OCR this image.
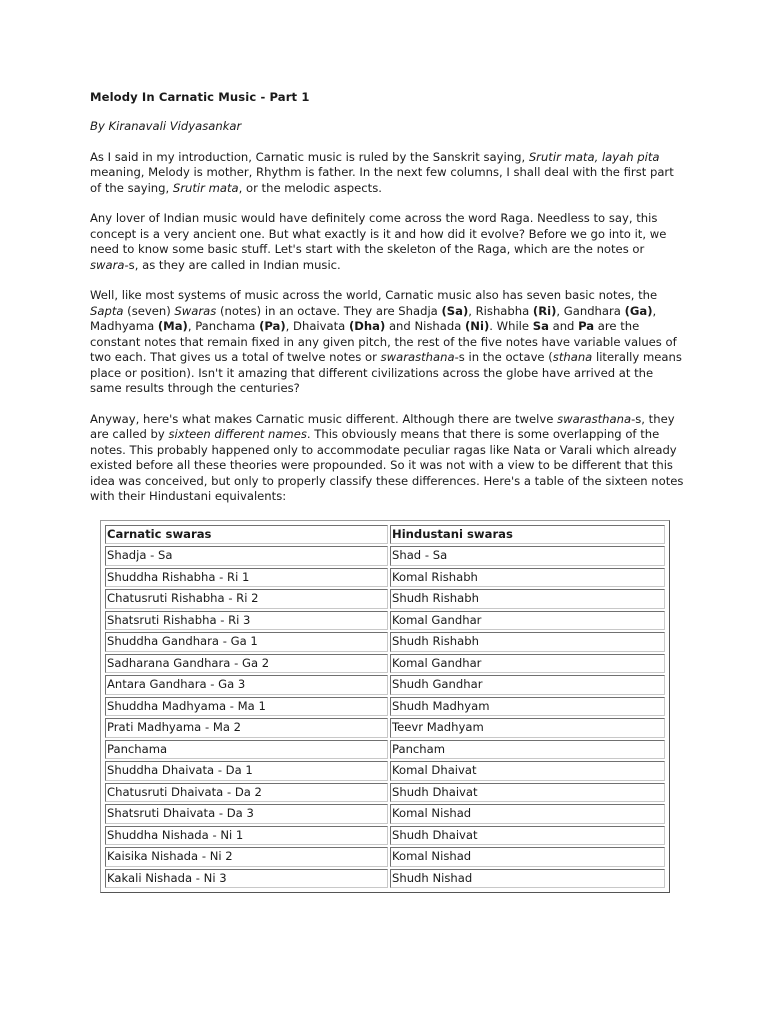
Melody In Carnatic Music - Part 1

By Kiranavali Vidyasankar

As I said in my introduction, Carnatic music is ruled by the Sanskrit saying, Srutir mata, layah pita meaning, Melody is mother, Rhythm is father. In the next few columns, I shall deal with the first part of the saying, Srutir mata, or the melodic aspects.

Any lover of Indian music would have definitely come across the word Raga. Needless to say, this concept is a very ancient one. But what exactly is it and how did it evolve? Before we go into it, we need to know some basic stuff. Let's start with the skeleton of the Raga, which are the notes or swara-s, as they are called in Indian music.

Well, like most systems of music across the world, Carnatic music also has seven basic notes, the Sapta (seven) Swaras (notes) in an octave. They are Shadja (Sa), Rishabha (Ri), Gandhara (Ga), Madhyama (Ma), Panchama (Pa), Dhaivata (Dha) and Nishada (Ni). While Sa and Pa are the constant notes that remain fixed in any given pitch, the rest of the five notes have variable values of two each. That gives us a total of twelve notes or swarasthana-s in the octave (sthana literally means place or position). Isn't it amazing that different civilizations across the globe have arrived at the same results through the centuries?

Anyway, here's what makes Carnatic music different. Although there are twelve swarasthana-s, they are called by sixteen different names. This obviously means that there is some overlapping of the notes. This probably happened only to accommodate peculiar ragas like Nata or Varali which already existed before all these theories were propounded. So it was not with a view to be different that this idea was conceived, but only to properly classify these differences. Here's a table of the sixteen notes with their Hindustani equivalents:

Carnatic swaras	Hindustani swaras
Shadja - Sa	Shad - Sa
Shuddha Rishabha - Ri 1	Komal Rishabh
Chatusruti Rishabha - Ri 2	Shudh Rishabh
Shatsruti Rishabha - Ri 3	Komal Gandhar
Shuddha Gandhara - Ga 1	Shudh Rishabh
Sadharana Gandhara - Ga 2	Komal Gandhar
Antara Gandhara - Ga 3	Shudh Gandhar
Shuddha Madhyama - Ma 1	Shudh Madhyam
Prati Madhyama - Ma 2	Teevr Madhyam
Panchama	Pancham
Shuddha Dhaivata - Da 1	Komal Dhaivat
Chatusruti Dhaivata - Da 2	Shudh Dhaivat
Shatsruti Dhaivata - Da 3	Komal Nishad
Shuddha Nishada - Ni 1	Shudh Dhaivat
Kaisika Nishada - Ni 2	Komal Nishad
Kakali Nishada - Ni 3	Shudh Nishad
